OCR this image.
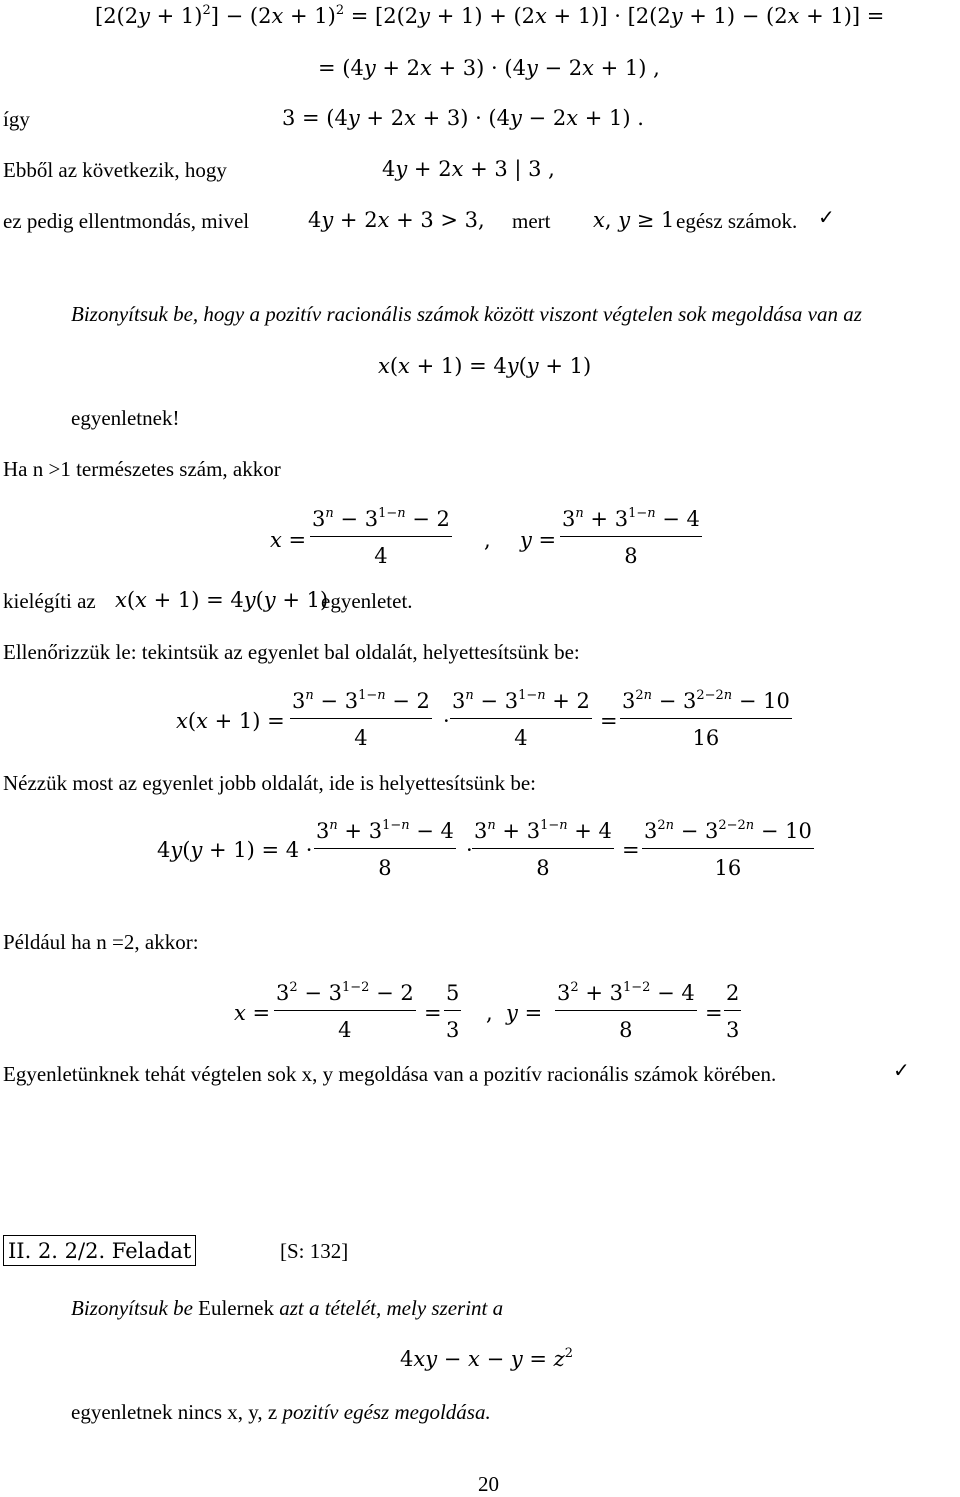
$[2(2y + 1)^2] - (2x + 1)^2 = [2(2y + 1) + (2x + 1)] \cdot [2(2y + 1) - (2x + 1)]$ =
= (4y + 2x + 3) · (4y − 2x + 1) ,
így	3 = (4y + 2x + 3) · (4y − 2x + 1) .
Ebből az következik, hogy	4y + 2x + 3 | 3 ,
ez pedig ellentmondás, mivel	4y + 2x + 3 > 3, mert x, y ≥ 1 egész számok. ✓
Bizonyítsuk be, hogy a pozitív racionális számok között viszont végtelen sok megoldása van az
x(x + 1) = 4y(y + 1)
egyenletnek!
Ha n >1 természetes szám, akkor
x =
$3^n - 3^{1-n} - 2$
4
, y =
$3^n + 3^{1-n} - 4$
8
kielégíti az x(x + 1) = 4y(y + 1)
egyenletet.
Ellenőrizzük le: tekintsük az egyenlet bal oldalát, helyettesítsünk be:
x(x + 1) =
$3^n - 3^{1-n} - 2$
4
·
$3^n - 3^{1-n} + 2$
4
=
$3^{2n} - 3^{2-2n} - 10$
16
Nézzük most az egyenlet jobb oldalát, ide is helyettesítsünk be:
4y(y + 1) = 4 ·
$3^n + 3^{1-n} - 4$
8
·
$3^n + 3^{1-n} + 4$
8
=
$3^{2n} - 3^{2-2n} - 10$
16
Például ha n =2, akkor:
x =
$3^2 - 3^{1-2} - 2$
4
=
5
3
,  y =
$3^2 + 3^{1-2} - 4$
8
=
2
3
Egyenletünknek tehát végtelen sok x, y megoldása van a pozitív racionális számok körében.	✓
II. 2. 2/2. Feladat	[S: 132]
Bizonyítsuk be Eulernek azt a tételét, mely szerint a
$4xy - x - y = z^2$
egyenletnek nincs x, y, z pozitív egész megoldása.
20
